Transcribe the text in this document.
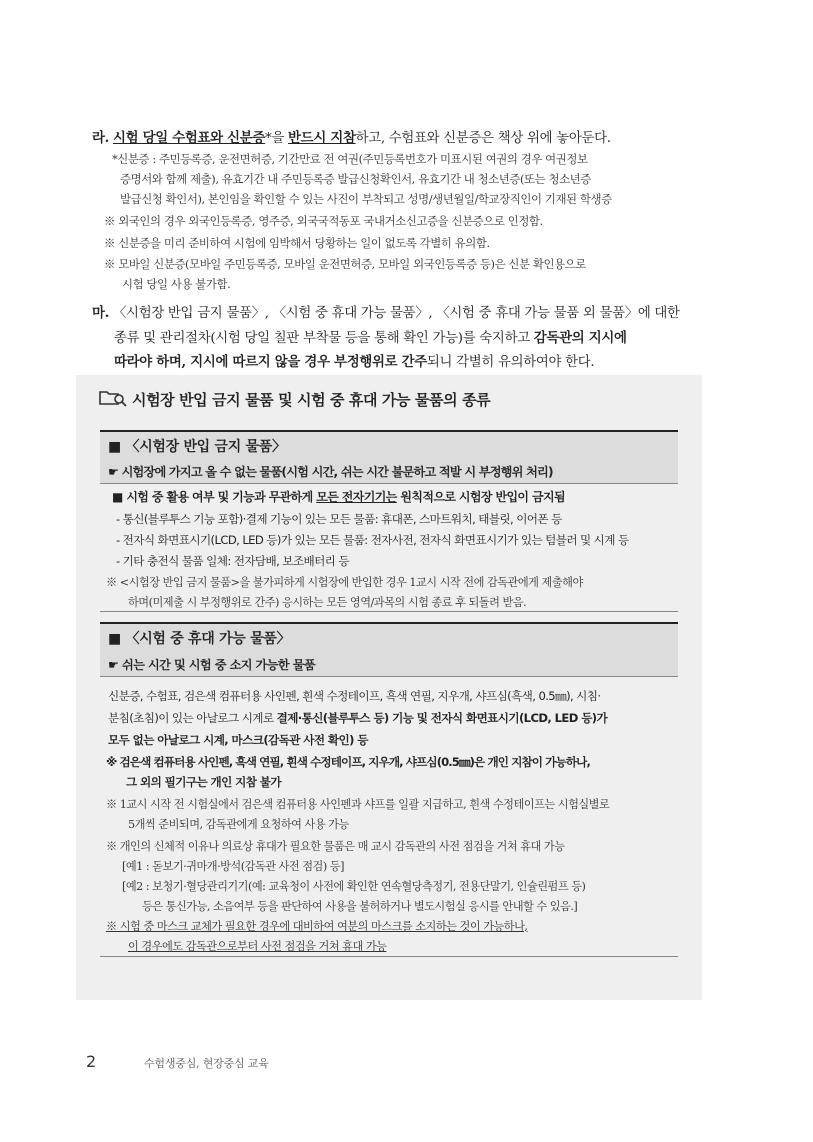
라. 시험 당일 수험표와 신분증*을 반드시 지참하고, 수험표와 신분증은 책상 위에 놓아둔다.
*신분증 : 주민등록증, 운전면허증, 기간만료 전 여권(주민등록번호가 미표시된 여권의 경우 여권정보
증명서와 함께 제출), 유효기간 내 주민등록증 발급신청확인서, 유효기간 내 청소년증(또는 청소년증
발급신청 확인서), 본인임을 확인할 수 있는 사진이 부착되고 성명/생년월일/학교장직인이 기재된 학생증
※ 외국인의 경우 외국인등록증, 영주증, 외국국적동포 국내거소신고증을 신분증으로 인정함.
※ 신분증을 미리 준비하여 시험에 임박해서 당황하는 일이 없도록 각별히 유의함.
※ 모바일 신분증(모바일 주민등록증, 모바일 운전면허증, 모바일 외국인등록증 등)은 신분 확인용으로
시험 당일 사용 불가함.
마. 〈시험장 반입 금지 물품〉, 〈시험 중 휴대 가능 물품〉, 〈시험 중 휴대 가능 물품 외 물품〉에 대한
종류 및 관리절차(시험 당일 칠판 부착물 등을 통해 확인 가능)를 숙지하고 감독관의 지시에
따라야 하며, 지시에 따르지 않을 경우 부정행위로 간주되니 각별히 유의하여야 한다.
시험장 반입 금지 물품 및 시험 중 휴대 가능 물품의 종류
■ 〈시험장 반입 금지 물품〉
☛ 시험장에 가지고 올 수 없는 물품(시험 시간, 쉬는 시간 불문하고 적발 시 부정행위 처리)
■ 시험 중 활용 여부 및 기능과 무관하게 모든 전자기기는 원칙적으로 시험장 반입이 금지됨
- 통신(블루투스 기능 포함)·결제 기능이 있는 모든 물품: 휴대폰, 스마트워치, 태블릿, 이어폰 등
- 전자식 화면표시기(LCD, LED 등)가 있는 모든 물품: 전자사전, 전자식 화면표시기가 있는 텀블러 및 시계 등
- 기타 충전식 물품 일체: 전자담배, 보조배터리 등
※ <시험장 반입 금지 물품>을 불가피하게 시험장에 반입한 경우 1교시 시작 전에 감독관에게 제출해야
하며(미제출 시 부정행위로 간주) 응시하는 모든 영역/과목의 시험 종료 후 되돌려 받음.
■ 〈시험 중 휴대 가능 물품〉
☛ 쉬는 시간 및 시험 중 소지 가능한 물품
신분증, 수험표, 검은색 컴퓨터용 사인펜, 흰색 수정테이프, 흑색 연필, 지우개, 샤프심(흑색, 0.5㎜), 시침·
분침(초침)이 있는 아날로그 시계로 결제·통신(블루투스 등) 기능 및 전자식 화면표시기(LCD, LED 등)가
모두 없는 아날로그 시계, 마스크(감독관 사전 확인) 등
※ 검은색 컴퓨터용 사인펜, 흑색 연필, 흰색 수정테이프, 지우개, 샤프심(0.5㎜)은 개인 지참이 가능하나,
그 외의 필기구는 개인 지참 불가
※ 1교시 시작 전 시험실에서 검은색 컴퓨터용 사인펜과 샤프를 일괄 지급하고, 흰색 수정테이프는 시험실별로
5개씩 준비되며, 감독관에게 요청하여 사용 가능
※ 개인의 신체적 이유나 의료상 휴대가 필요한 물품은 매 교시 감독관의 사전 점검을 거쳐 휴대 가능
[예1 : 돋보기·귀마개·방석(감독관 사전 점검) 등]
[예2 : 보청기·혈당관리기기(예: 교육청이 사전에 확인한 연속혈당측정기, 전용단말기, 인슐린펌프 등)
등은 통신가능, 소음여부 등을 판단하여 사용을 불허하거나 별도시험실 응시를 안내할 수 있음.]
※ 시험 중 마스크 교체가 필요한 경우에 대비하여 여분의 마스크를 소지하는 것이 가능하나,
이 경우에도 감독관으로부터 사전 점검을 거쳐 휴대 가능
2	수험생중심, 현장중심 교육
